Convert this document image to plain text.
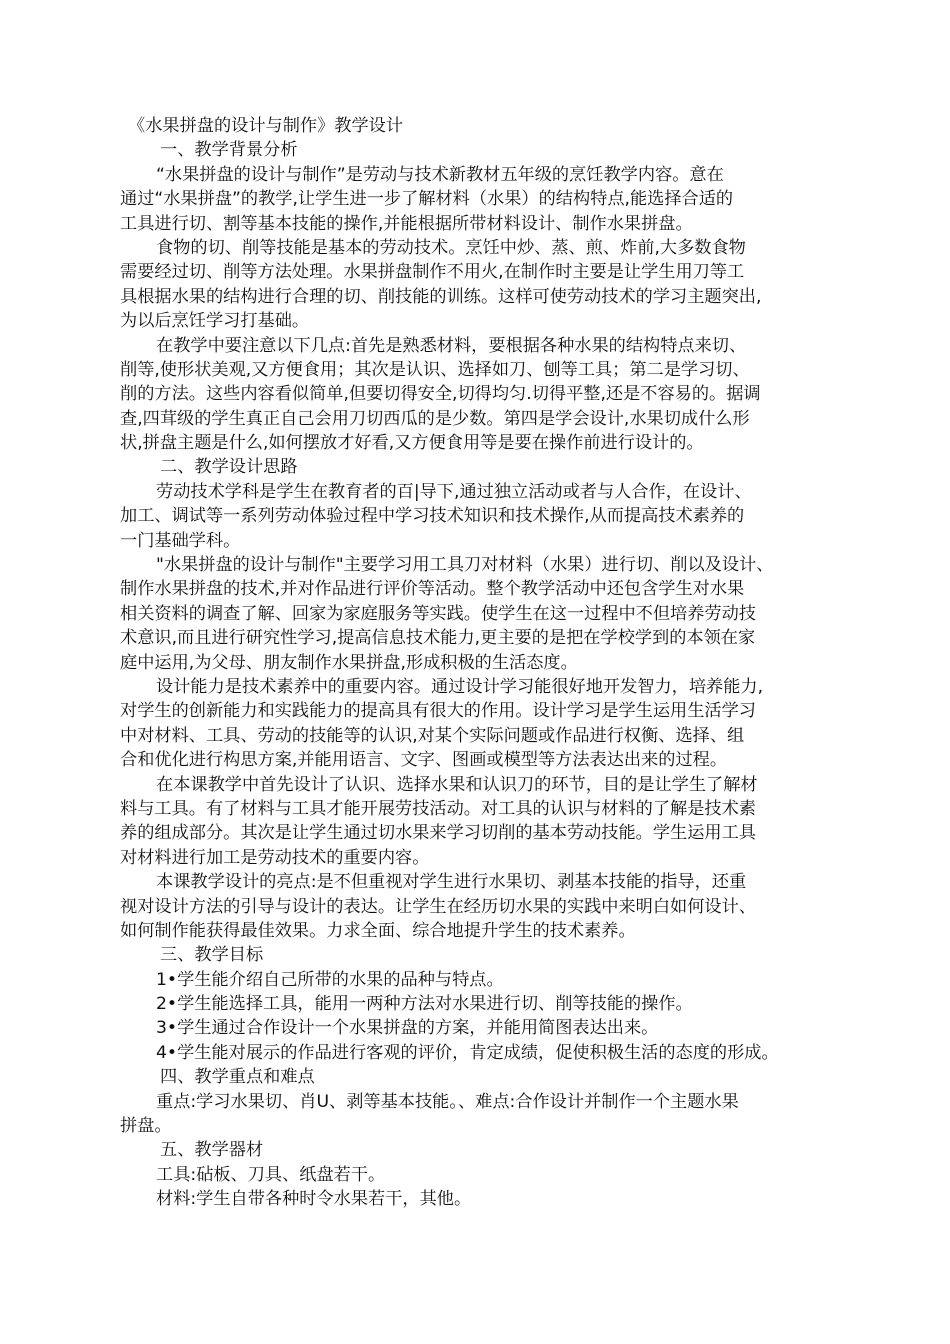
《水果拼盘的设计与制作》教学设计
一、教学背景分析
“水果拼盘的设计与制作”是劳动与技术新教材五年级的烹饪教学内容。意在
通过“水果拼盘”的教学,让学生进一步了解材料（水果）的结构特点,能选择合适的
工具进行切、割等基本技能的操作,并能根据所带材料设计、制作水果拼盘。
食物的切、削等技能是基本的劳动技术。烹饪中炒、蒸、煎、炸前,大多数食物
需要经过切、削等方法处理。水果拼盘制作不用火,在制作时主要是让学生用刀等工
具根据水果的结构进行合理的切、削技能的训练。这样可使劳动技术的学习主题突出,
为以后烹饪学习打基础。
在教学中要注意以下几点:首先是熟悉材料，要根据各种水果的结构特点来切、
削等,使形状美观,又方便食用；其次是认识、选择如刀、刨等工具；第二是学习切、
削的方法。这些内容看似简单,但要切得安全,切得均匀.切得平整,还是不容易的。据调
查,四茸级的学生真正自己会用刀切西瓜的是少数。第四是学会设计,水果切成什么形
状,拼盘主题是什么,如何摆放才好看,又方便食用等是要在操作前进行设计的。
二、教学设计思路
劳动技术学科是学生在教育者的百|导下,通过独立活动或者与人合作，在设计、
加工、调试等一系列劳动体验过程中学习技术知识和技术操作,从而提高技术素养的
一门基础学科。
"水果拼盘的设计与制作"主要学习用工具刀对材料（水果）进行切、削以及设计、
制作水果拼盘的技术,并对作品进行评价等活动。整个教学活动中还包含学生对水果
相关资料的调查了解、回家为家庭服务等实践。使学生在这一过程中不但培养劳动技
术意识,而且进行研究性学习,提高信息技术能力,更主要的是把在学校学到的本领在家
庭中运用,为父母、朋友制作水果拼盘,形成积极的生活态度。
设计能力是技术素养中的重要内容。通过设计学习能很好地开发智力，培养能力,
对学生的创新能力和实践能力的提高具有很大的作用。设计学习是学生运用生活学习
中对材料、工具、劳动的技能等的认识,对某个实际问题或作品进行权衡、选择、组
合和优化进行构思方案,并能用语言、文字、图画或模型等方法表达出来的过程。
在本课教学中首先设计了认识、选择水果和认识刀的环节，目的是让学生了解材
料与工具。有了材料与工具才能开展劳技活动。对工具的认识与材料的了解是技术素
养的组成部分。其次是让学生通过切水果来学习切削的基本劳动技能。学生运用工具
对材料进行加工是劳动技术的重要内容。
本课教学设计的亮点:是不但重视对学生进行水果切、剥基本技能的指导，还重
视对设计方法的引导与设计的表达。让学生在经历切水果的实践中来明白如何设计、
如何制作能获得最佳效果。力求全面、综合地提升学生的技术素养。
三、教学目标
1•学生能介绍自己所带的水果的品种与特点。
2•学生能选择工具，能用一两种方法对水果进行切、削等技能的操作。
3•学生通过合作设计一个水果拼盘的方案，并能用简图表达出来。
4•学生能对展示的作品进行客观的评价，肯定成绩，促使积极生活的态度的形成。
四、教学重点和难点
重点:学习水果切、肖U、剥等基本技能。、难点:合作设计并制作一个主题水果
拼盘。
五、教学器材
工具:砧板、刀具、纸盘若干。
材料:学生自带各种时令水果若干，其他。
